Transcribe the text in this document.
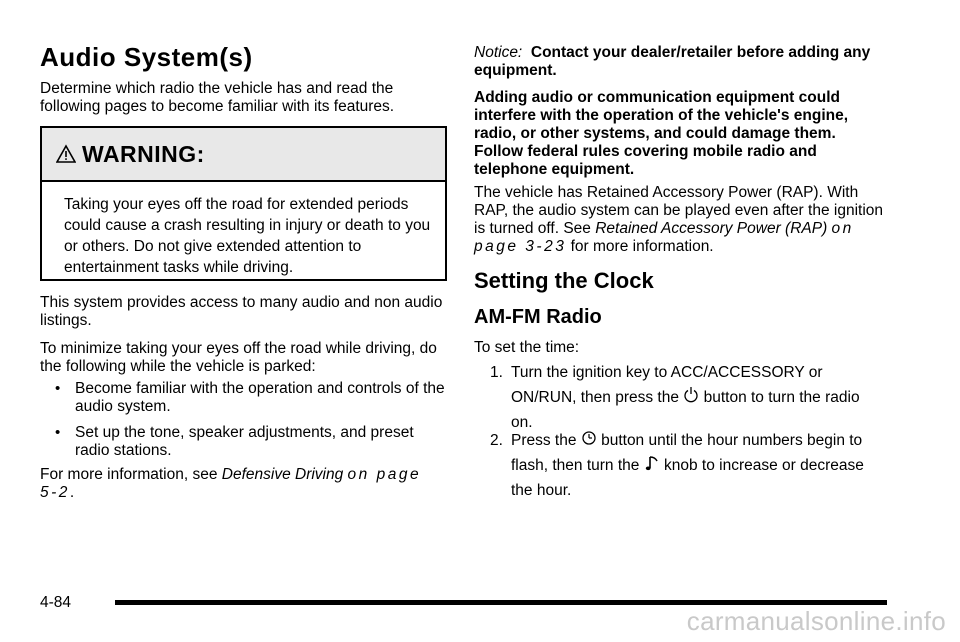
Audio System(s)

Determine which radio the vehicle has and read the following pages to become familiar with its features.

WARNING:
Taking your eyes off the road for extended periods could cause a crash resulting in injury or death to you or others. Do not give extended attention to entertainment tasks while driving.

This system provides access to many audio and non audio listings.

To minimize taking your eyes off the road while driving, do the following while the vehicle is parked:

• Become familiar with the operation and controls of the audio system.

• Set up the tone, speaker adjustments, and preset radio stations.

For more information, see Defensive Driving on page 5-2.

Notice: Contact your dealer/retailer before adding any equipment.

Adding audio or communication equipment could interfere with the operation of the vehicle's engine, radio, or other systems, and could damage them. Follow federal rules covering mobile radio and telephone equipment.

The vehicle has Retained Accessory Power (RAP). With RAP, the audio system can be played even after the ignition is turned off. See Retained Accessory Power (RAP) on page 3-23 for more information.

Setting the Clock
AM-FM Radio

To set the time:

1. Turn the ignition key to ACC/ACCESSORY or ON/RUN, then press the  button to turn the radio on.

2. Press the  button until the hour numbers begin to flash, then turn the  knob to increase or decrease the hour.

4-84

carmanualsonline.info
